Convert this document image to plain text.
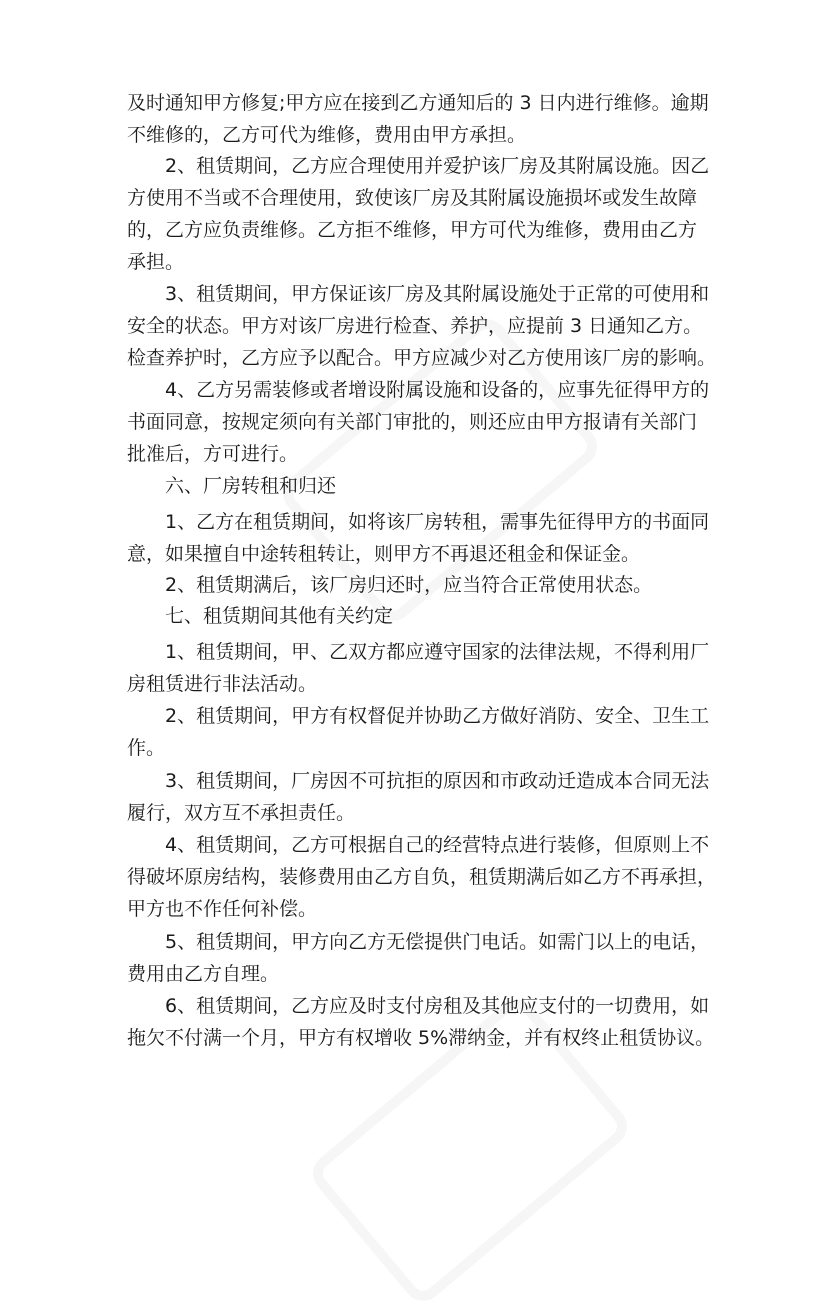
及时通知甲方修复;甲方应在接到乙方通知后的 3 日内进行维修。逾期
不维修的，乙方可代为维修，费用由甲方承担。
2、租赁期间，乙方应合理使用并爱护该厂房及其附属设施。因乙
方使用不当或不合理使用，致使该厂房及其附属设施损坏或发生故障
的，乙方应负责维修。乙方拒不维修，甲方可代为维修，费用由乙方
承担。
3、租赁期间，甲方保证该厂房及其附属设施处于正常的可使用和
安全的状态。甲方对该厂房进行检查、养护，应提前 3 日通知乙方。
检查养护时，乙方应予以配合。甲方应减少对乙方使用该厂房的影响。
4、乙方另需装修或者增设附属设施和设备的，应事先征得甲方的
书面同意，按规定须向有关部门审批的，则还应由甲方报请有关部门
批准后，方可进行。
六、厂房转租和归还
1、乙方在租赁期间，如将该厂房转租，需事先征得甲方的书面同
意，如果擅自中途转租转让，则甲方不再退还租金和保证金。
2、租赁期满后，该厂房归还时，应当符合正常使用状态。
七、租赁期间其他有关约定
1、租赁期间，甲、乙双方都应遵守国家的法律法规，不得利用厂
房租赁进行非法活动。
2、租赁期间，甲方有权督促并协助乙方做好消防、安全、卫生工
作。
3、租赁期间，厂房因不可抗拒的原因和市政动迁造成本合同无法
履行，双方互不承担责任。
4、租赁期间，乙方可根据自己的经营特点进行装修，但原则上不
得破坏原房结构，装修费用由乙方自负，租赁期满后如乙方不再承担，
甲方也不作任何补偿。
5、租赁期间，甲方向乙方无偿提供门电话。如需门以上的电话，
费用由乙方自理。
6、租赁期间，乙方应及时支付房租及其他应支付的一切费用，如
拖欠不付满一个月，甲方有权增收 5%滞纳金，并有权终止租赁协议。
